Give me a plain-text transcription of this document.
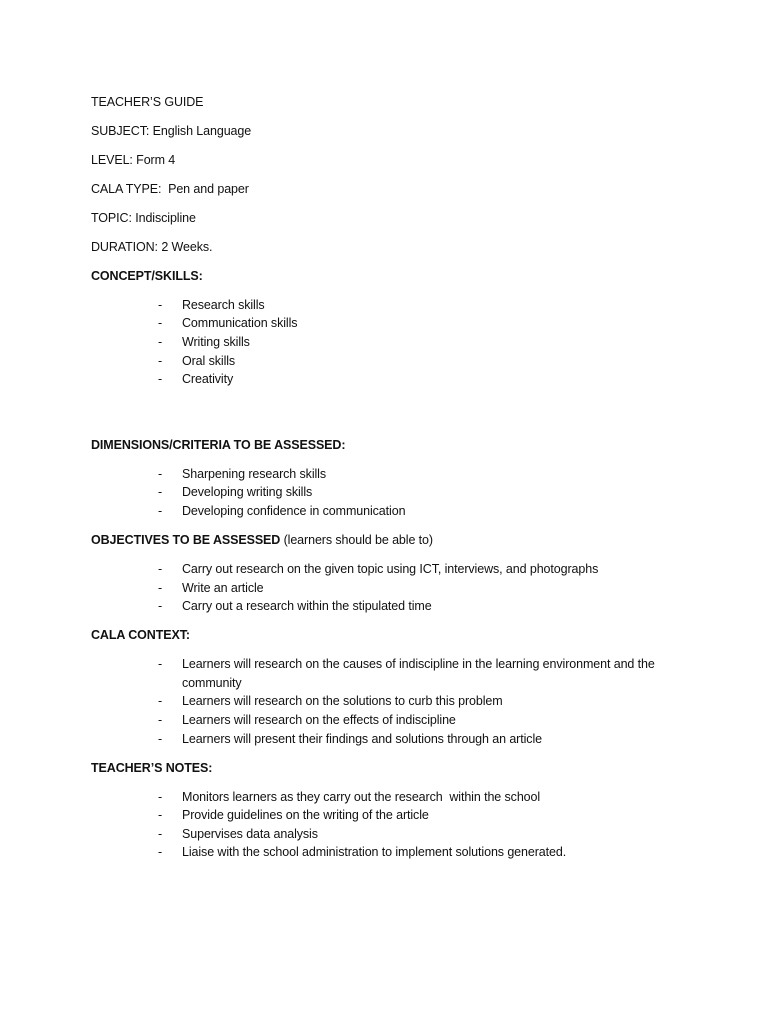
TEACHER’S GUIDE
SUBJECT: English Language
LEVEL: Form 4
CALA TYPE: Pen and paper
TOPIC: Indiscipline
DURATION: 2 Weeks.
CONCEPT/SKILLS:
- Research skills
- Communication skills
- Writing skills
- Oral skills
- Creativity
DIMENSIONS/CRITERIA TO BE ASSESSED:
- Sharpening research skills
- Developing writing skills
- Developing confidence in communication
OBJECTIVES TO BE ASSESSED (learners should be able to)
- Carry out research on the given topic using ICT, interviews, and photographs
- Write an article
- Carry out a research within the stipulated time
CALA CONTEXT:
- Learners will research on the causes of indiscipline in the learning environment and the community
- Learners will research on the solutions to curb this problem
- Learners will research on the effects of indiscipline
- Learners will present their findings and solutions through an article
TEACHER’S NOTES:
- Monitors learners as they carry out the research  within the school
- Provide guidelines on the writing of the article
- Supervises data analysis
- Liaise with the school administration to implement solutions generated.
